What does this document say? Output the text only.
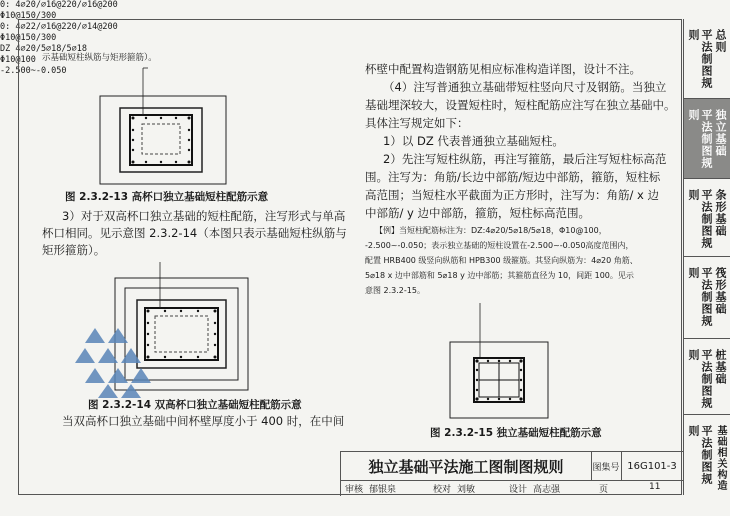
示基础短柱纵筋与矩形箍筋）。
0: 4⌀20/⌀16@220/⌀16@200
Φ10@150/300
图 2.3.2-13 高杯口独立基础短柱配筋示意
3）对于双高杯口独立基础的短柱配筋，注写形式与单高
杯口相同。见示意图 2.3.2-14（本图只表示基础短柱纵筋与
矩形箍筋）。
0: 4⌀22/⌀16@220/⌀14@200
Φ10@150/300
图 2.3.2-14 双高杯口独立基础短柱配筋示意
当双高杯口独立基础中间杯壁厚度小于 400 时，在中间
杯壁中配置构造钢筋见相应标准构造详图，设计不注。
（4）注写普通独立基础带短柱竖向尺寸及钢筋。当独立
基础埋深较大，设置短柱时，短柱配筋应注写在独立基础中。
具体注写规定如下：
1）以 DZ 代表普通独立基础短柱。
2）先注写短柱纵筋，再注写箍筋，最后注写短柱标高范
围。注写为：角筋/长边中部筋/短边中部筋，箍筋，短柱标
高范围；当短柱水平截面为正方形时，注写为：角筋/ x 边
中部筋/ y 边中部筋，箍筋，短柱标高范围。
【例】当短柱配筋标注为：DZ:4⌀20/5⌀18/5⌀18，Φ10@100，
-2.500~-0.050；表示独立基础的短柱设置在-2.500~-0.050高度范围内，
配置 HRB400 级竖向纵筋和 HPB300 级箍筋。其竖向纵筋为：4⌀20 角筋、
5⌀18 x 边中部筋和 5⌀18 y 边中部筋；其箍筋直径为 10，间距 100。见示
意图 2.3.2-15。
DZ 4⌀20/5⌀18/5⌀18
Φ10@100
-2.500~-0.050
图 2.3.2-15 独立基础短柱配筋示意
独立基础平法施工图制图规则	图集号 16G101-3
审核 郁银泉	校对 刘敏	设计 高志强	页	11
平法制图规则	总则
平法制图规则	独立基础
平法制图规则	条形基础
平法制图规则	筏形基础
平法制图规则	桩基础
平法制图规则	基础相关构造
